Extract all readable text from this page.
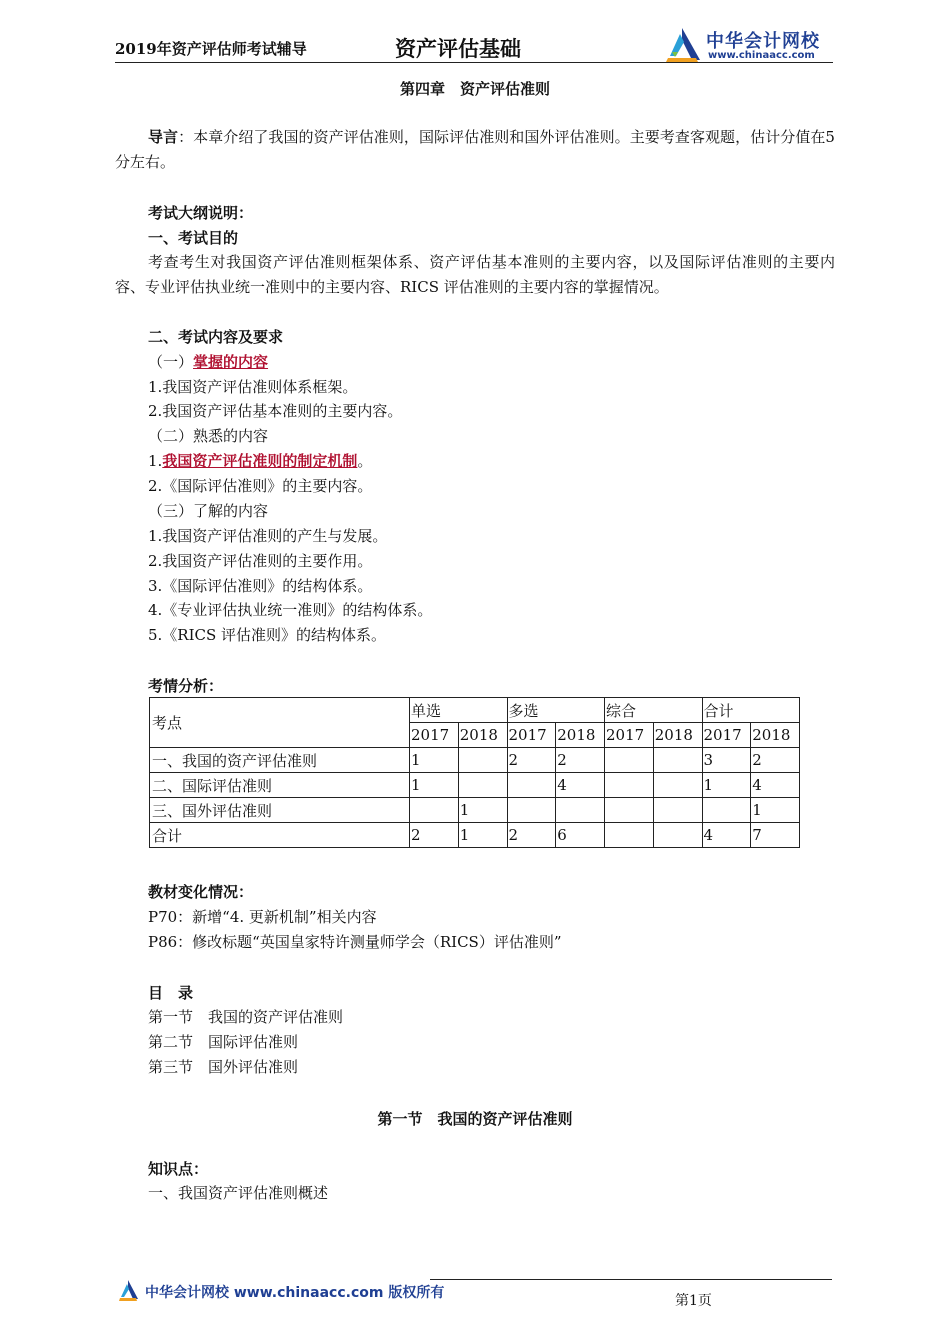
2019年资产评估师考试辅导	资产评估基础	中华会计网校
www.chinaacc.com
第四章　资产评估准则
导言：本章介绍了我国的资产评估准则，国际评估准则和国外评估准则。主要考查客观题，估计分值在5分左右。
考试大纲说明：
一、考试目的
考查考生对我国资产评估准则框架体系、资产评估基本准则的主要内容，以及国际评估准则的主要内容、专业评估执业统一准则中的主要内容、RICS 评估准则的主要内容的掌握情况。
二、考试内容及要求
（一）掌握的内容
1.我国资产评估准则体系框架。
2.我国资产评估基本准则的主要内容。
（二）熟悉的内容
1.我国资产评估准则的制定机制。
2.《国际评估准则》的主要内容。
（三）了解的内容
1.我国资产评估准则的产生与发展。
2.我国资产评估准则的主要作用。
3.《国际评估准则》的结构体系。
4.《专业评估执业统一准则》的结构体系。
5.《RICS 评估准则》的结构体系。
考情分析：
考点	单选		多选		综合		合计	
	2017	2018	2017	2018	2017	2018	2017	2018
一、我国的资产评估准则	1		2	2			3	2
二、国际评估准则	1			4			1	4
三、国外评估准则		1						1
合计	2	1	2	6			4	7
教材变化情况：
P70：新增“4. 更新机制”相关内容
P86：修改标题“英国皇家特许测量师学会（RICS）评估准则”
目　录
第一节　我国的资产评估准则
第二节　国际评估准则
第三节　国外评估准则
第一节　我国的资产评估准则
知识点：
一、我国资产评估准则概述
中华会计网校 www.chinaacc.com 版权所有	第1页
